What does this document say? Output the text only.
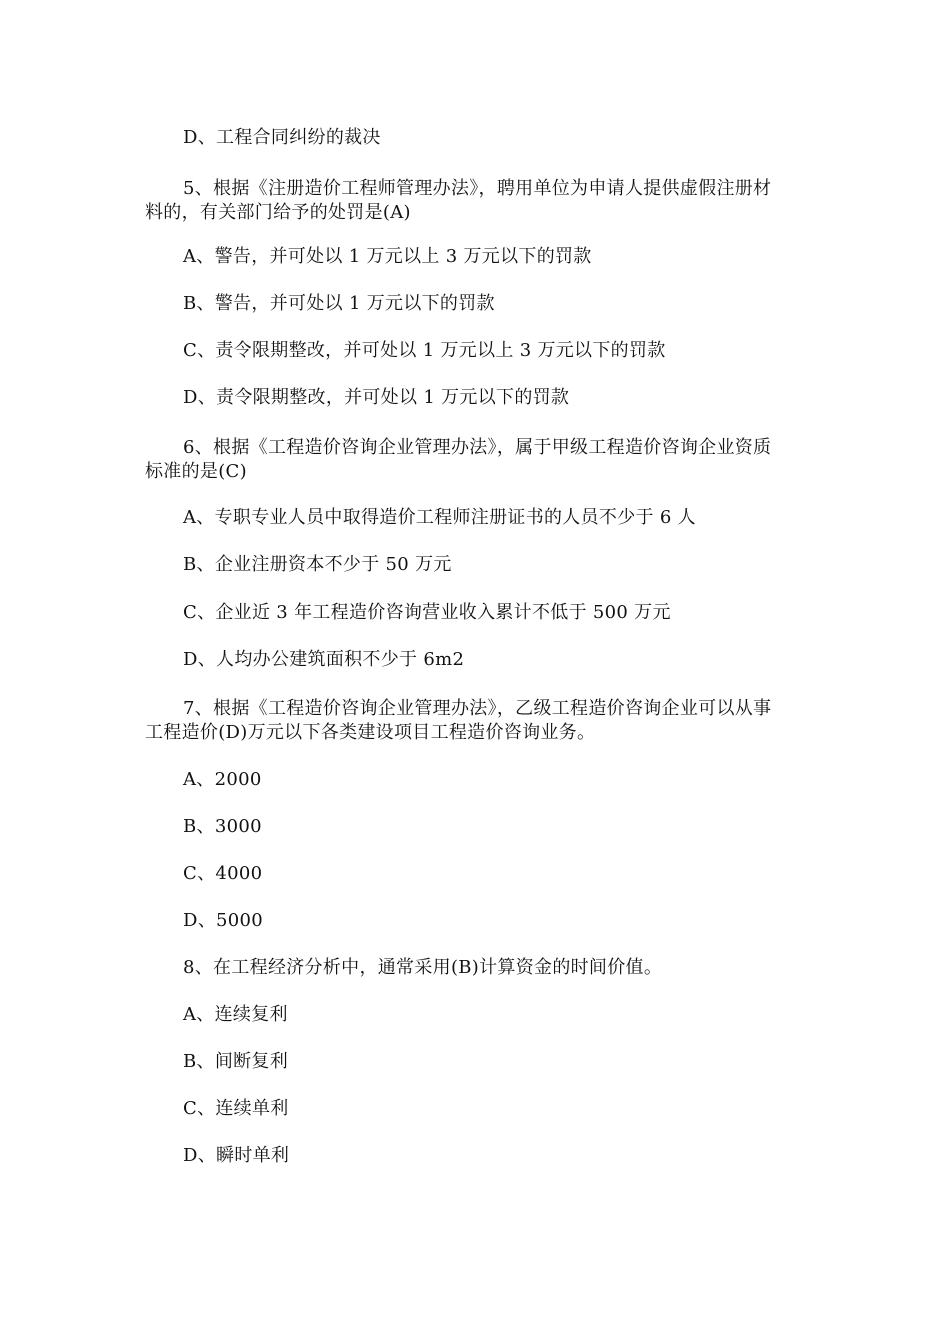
D、工程合同纠纷的裁决
5、根据《注册造价工程师管理办法》，聘用单位为申请人提供虚假注册材
料的，有关部门给予的处罚是(A)
A、警告，并可处以 1 万元以上 3 万元以下的罚款
B、警告，并可处以 1 万元以下的罚款
C、责令限期整改，并可处以 1 万元以上 3 万元以下的罚款
D、责令限期整改，并可处以 1 万元以下的罚款
6、根据《工程造价咨询企业管理办法》，属于甲级工程造价咨询企业资质
标准的是(C)
A、专职专业人员中取得造价工程师注册证书的人员不少于 6 人
B、企业注册资本不少于 50 万元
C、企业近 3 年工程造价咨询营业收入累计不低于 500 万元
D、人均办公建筑面积不少于 6m2
7、根据《工程造价咨询企业管理办法》，乙级工程造价咨询企业可以从事
工程造价(D)万元以下各类建设项目工程造价咨询业务。
A、2000
B、3000
C、4000
D、5000
8、在工程经济分析中，通常采用(B)计算资金的时间价值。
A、连续复利
B、间断复利
C、连续单利
D、瞬时单利
